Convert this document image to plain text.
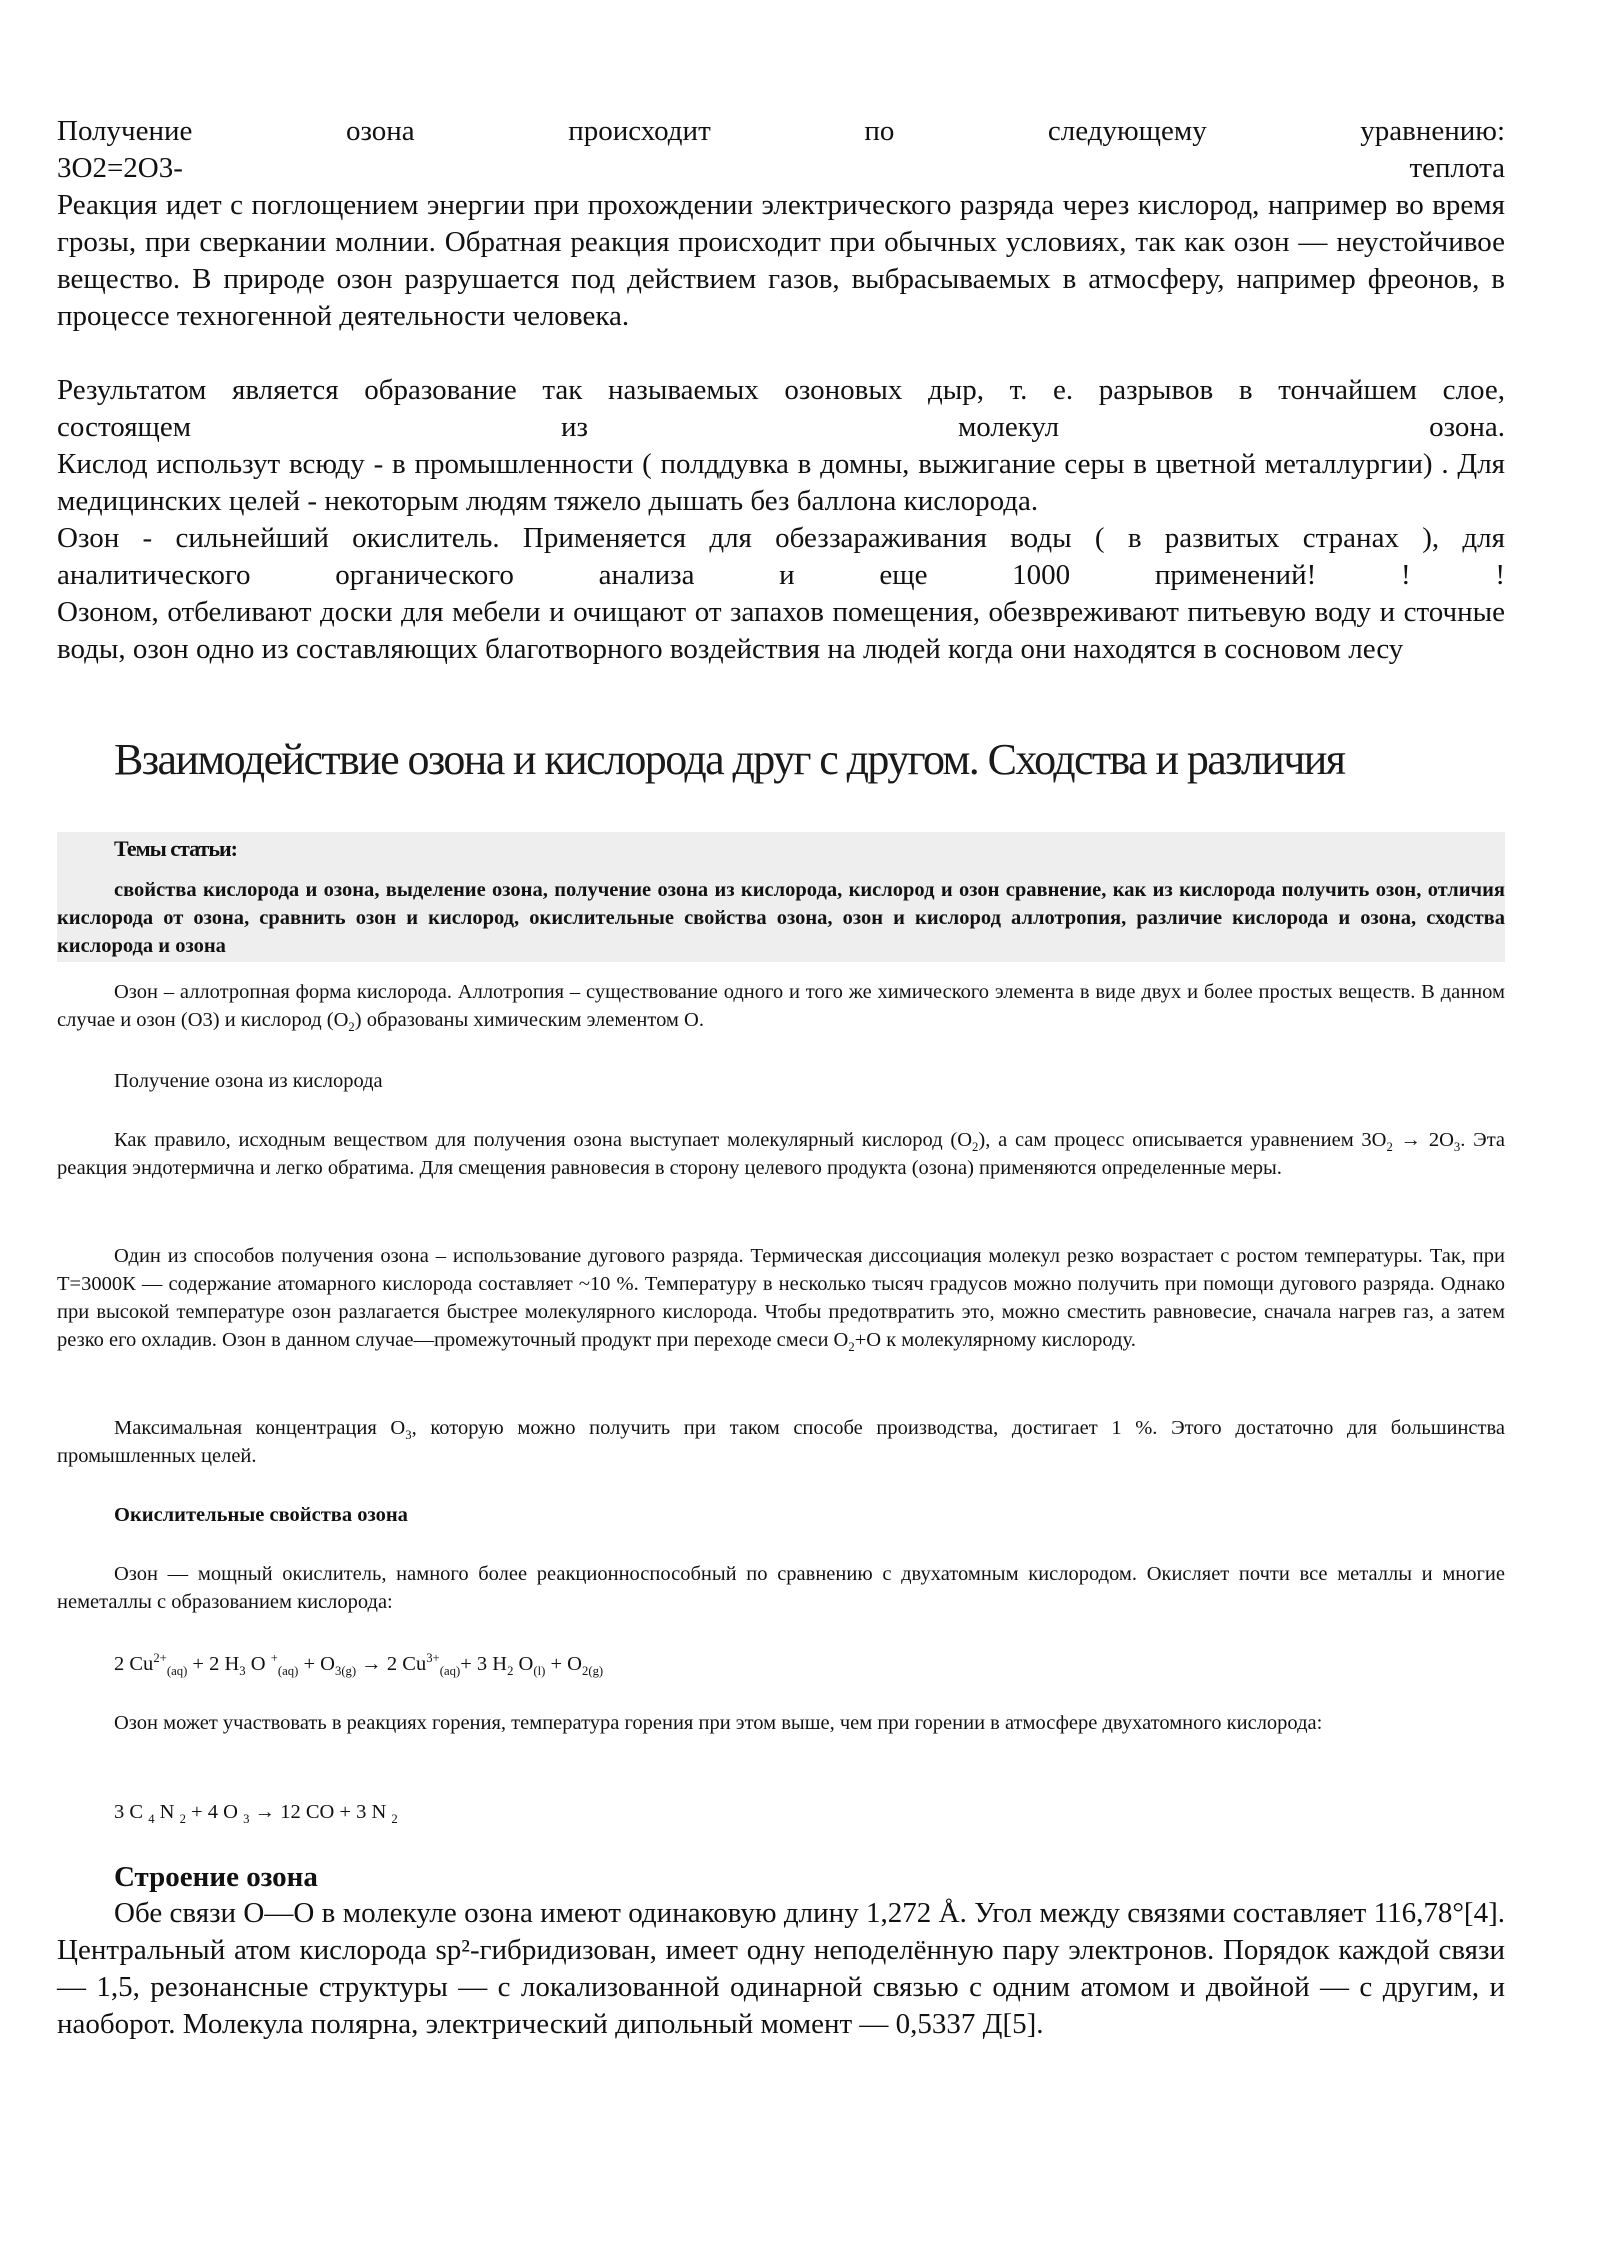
Получение	озона	происходит	по	следующему	уравнению:
3O2=2O3-	теплота
Реакция идет с поглощением энергии при прохождении электрического разряда через кислород, например во время грозы, при сверкании молнии. Обратная реакция происходит при обычных условиях, так как озон — неустойчивое вещество. В природе озон разрушается под действием газов, выбрасываемых в атмосферу, например фреонов, в процессе техногенной деятельности человека.
Результатом является образование так называемых озоновых дыр, т. е. разрывов в тончайшем слое,
состоящем	из	молекул	озона.
Кислод использут всюду - в промышленности ( полддувка в домны, выжигание серы в цветной металлургии) . Для медицинских целей - некоторым людям тяжело дышать без баллона кислорода.
Озон - сильнейший окислитель. Применяется для обеззараживания воды ( в развитых странах ), для
аналитического	органического	анализа	и	еще	1000	применений!	!	!
Озоном, отбеливают доски для мебели и очищают от запахов помещения, обезвреживают питьевую воду и сточные воды, озон одно из составляющих благотворного воздействия на людей когда они находятся в сосновом лесу
Взаимодействие озона и кислорода друг с другом. Сходства и различия
Темы статьи:
свойства кислорода и озона, выделение озона, получение озона из кислорода, кислород и озон сравнение, как из кислорода получить озон, отличия кислорода от озона, сравнить озон и кислород, окислительные свойства озона, озон и кислород аллотропия, различие кислорода и озона, сходства кислорода и озона
Озон – аллотропная форма кислорода. Аллотропия – существование одного и того же химического элемента в виде двух и более простых веществ. В данном случае и озон (О3) и кислород $(О_2)$ образованы химическим элементом О.
Получение озона из кислорода
Как правило, исходным веществом для получения озона выступает молекулярный кислород $(O_2)$, а сам процесс описывается уравнением $3O_2 \to 2O_3$. Эта реакция эндотермична и легко обратима. Для смещения равновесия в сторону целевого продукта (озона) применяются определенные меры.
Один из способов получения озона – использование дугового разряда. Термическая диссоциация молекул резко возрастает с ростом температуры. Так, при Т=3000К — содержание атомарного кислорода составляет ~10 %. Температуру в несколько тысяч градусов можно получить при помощи дугового разряда. Однако при высокой температуре озон разлагается быстрее молекулярного кислорода. Чтобы предотвратить это, можно сместить равновесие, сначала нагрев газ, а затем резко его охладив. Озон в данном случае—промежуточный продукт при переходе смеси $O_2+O$ к молекулярному кислороду.
Максимальная концентрация $O_3$, которую можно получить при таком способе производства, достигает 1 %. Этого достаточно для большинства промышленных целей.
Окислительные свойства озона
Озон — мощный окислитель, намного более реакционноспособный по сравнению с двухатомным кислородом. Окисляет почти все металлы и многие неметаллы с образованием кислорода:
2 $Cu^{2+}_{(aq)} + 2$ $H_3$ O $^+_{(aq)} + O_{3(g)} \to 2$ $Cu^{3+}_{(aq)}+ 3$ $H_2$ $O_{(l)} + O_{2(g)}$
Озон может участвовать в реакциях горения, температура горения при этом выше, чем при горении в атмосфере двухатомного кислорода:
3 C $_4$ N $_2$ + 4 O $_3$ → 12 CO + 3 N $_2$
Строение озона
Обе связи O—O в молекуле озона имеют одинаковую длину 1,272 Å. Угол между связями составляет 116,78°[4]. Центральный атом кислорода sp²-гибридизован, имеет одну неподелённую пару электронов. Порядок каждой связи — 1,5, резонансные структуры — с локализованной одинарной связью с одним атомом и двойной — с другим, и наоборот. Молекула полярна, электрический дипольный момент — 0,5337 Д[5].
